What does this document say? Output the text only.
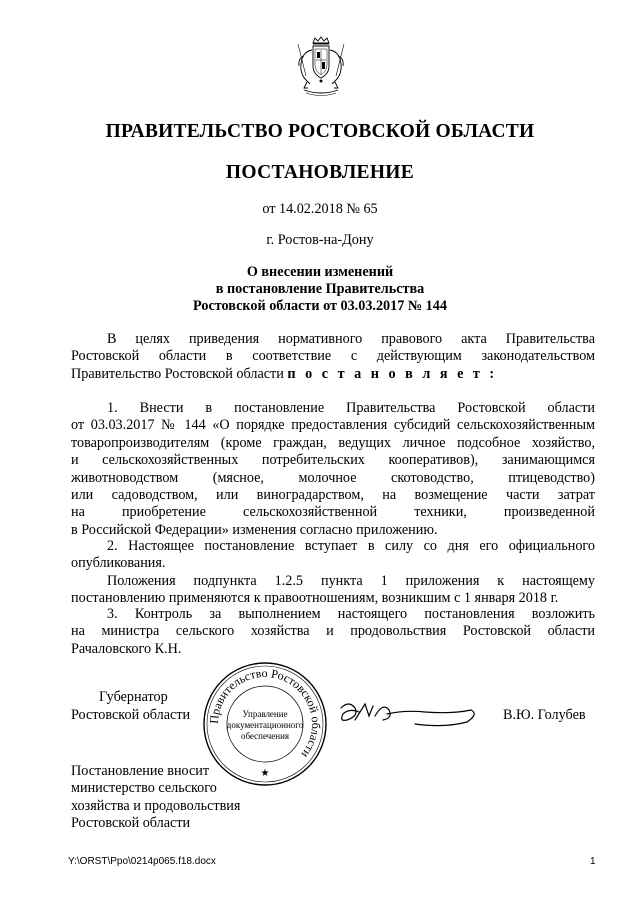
ПРАВИТЕЛЬСТВО РОСТОВСКОЙ ОБЛАСТИ
ПОСТАНОВЛЕНИЕ
от 14.02.2018 № 65
г. Ростов-на-Дону
О внесении изменений
в постановление Правительства
Ростовской области от 03.03.2017 № 144
В целях приведения нормативного правового акта Правительства
Ростовской области в соответствие с действующим законодательством
Правительство Ростовской области п о с т а н о в л я е т :
1. Внести в постановление Правительства Ростовской области
от 03.03.2017 № 144 «О порядке предоставления субсидий сельскохозяйственным
товаропроизводителям (кроме граждан, ведущих личное подсобное хозяйство,
и сельскохозяйственных потребительских кооперативов), занимающимся
животноводством (мясное, молочное скотоводство, птицеводство)
или садоводством, или виноградарством, на возмещение части затрат
на приобретение сельскохозяйственной техники, произведенной
в Российской Федерации» изменения согласно приложению.
2. Настоящее постановление вступает в силу со дня его официального
опубликования.
Положения подпункта 1.2.5 пункта 1 приложения к настоящему
постановлению применяются к правоотношениям, возникшим с 1 января 2018 г.
3. Контроль за выполнением настоящего постановления возложить
на министра сельского хозяйства и продовольствия Ростовской области
Рачаловского К.Н.
Губернатор
Ростовской области	В.Ю. Голубев
Правительство Ростовской области
Управление
документационного
обеспечения
★
Постановление вносит
министерство сельского
хозяйства и продовольствия
Ростовской области
Y:\ORST\Ppo\0214p065.f18.docx	1
